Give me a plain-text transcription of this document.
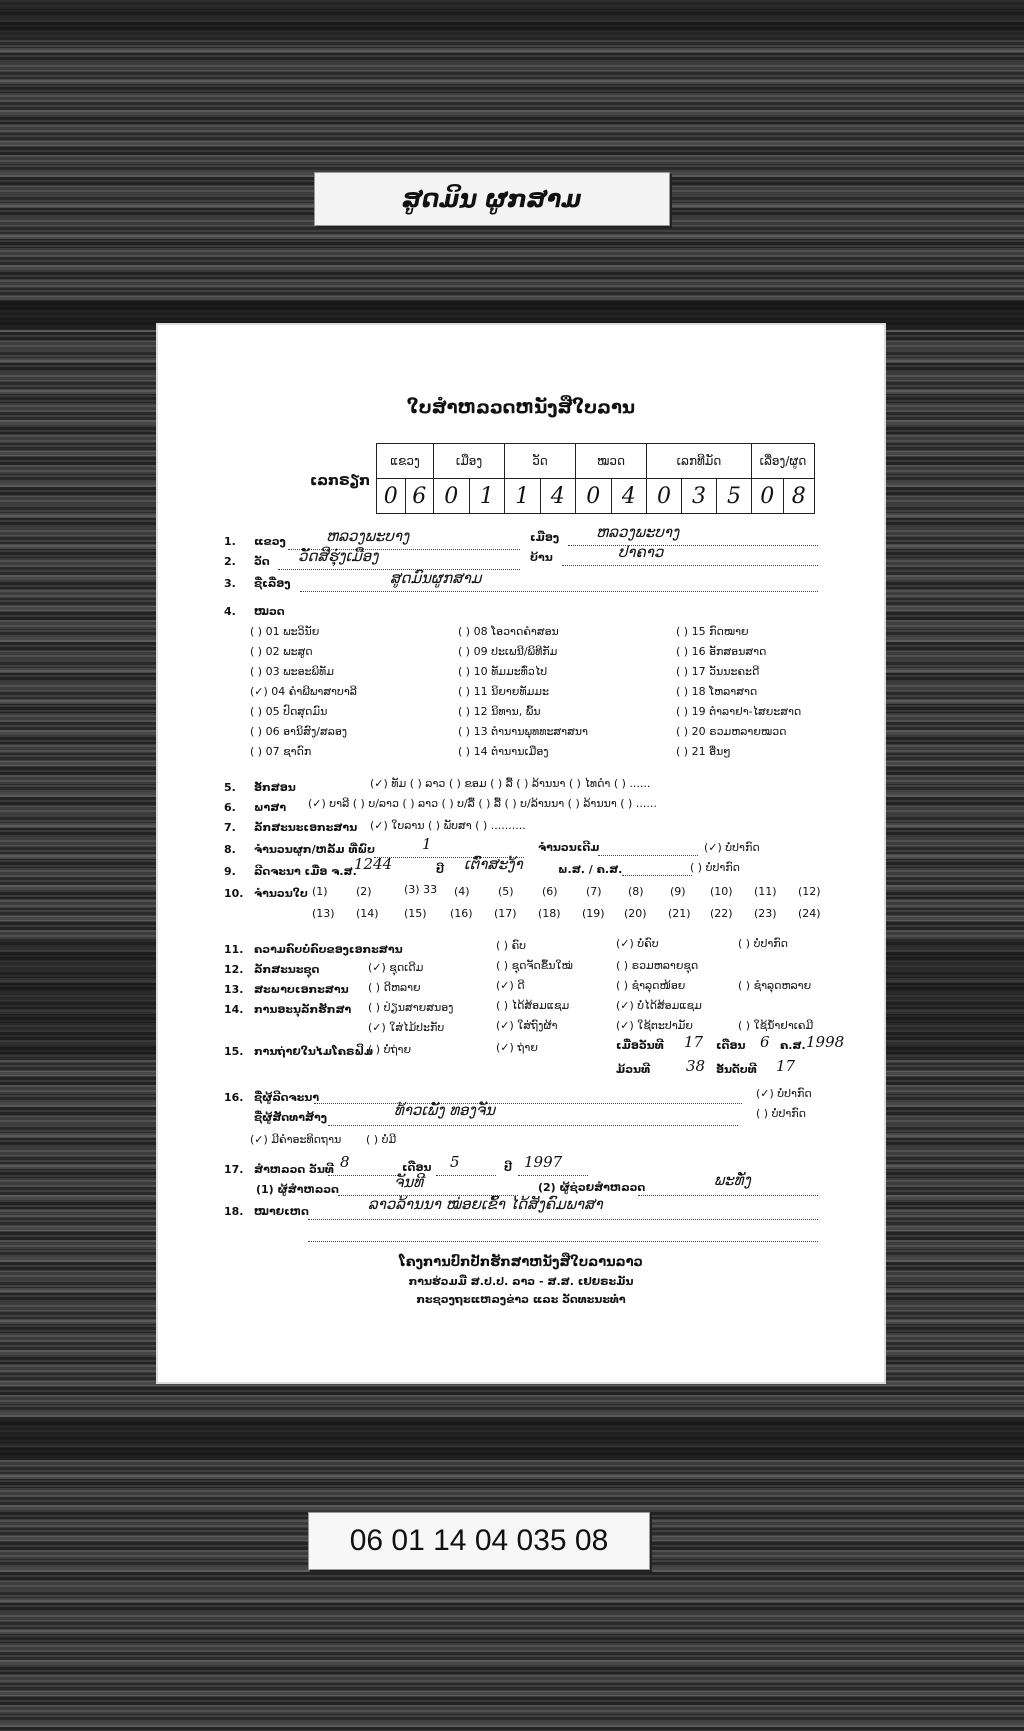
ສູດມິນ ຜູກສາມ
ໃບສຳຫລວດຫນັງສືໃບລານ
ເລກຣຽກ
ແຂວງ		ເມືອງ		ວັດ		ໝວດ		ເລກທີມັດ			ເລື່ອງ/ຜູດ	
0	6	0	1	1	4	0	4	0	3	5	0	8
1. ແຂວງ	ຫລວງພະບາງ	ເມືອງ ຫລວງພະບາງ
2. ວັດ ວັດສີຮຸ່ງເມືອງ	ບ້ານ	ປາຄາວ
3. ຊື່ເລື່ອງ	ສູດມົນຜູກສາມ
4. ໝວດ
( ) 01 ພະວິນັຍ
( ) 02 ພະສູດ
( ) 03 ພະອະພິທັມ
(✓) 04 ຄຳພີພາສາບາລີ
( ) 05 ປົດສຸດມົນ
( ) 06 ອານິສົງ/ສລອງ
( ) 07 ຊາດົກ
( ) 08 ໂອວາດຄຳສອນ
( ) 09 ປະເພນີ/ພິທີກັມ
( ) 10 ທັມມະທົ່ວໄປ
( ) 11 ນິຍາຍທັມມະ
( ) 12 ນິທານ, ພົ້ນ
( ) 13 ຕຳນານພຸທທະສາສນາ
( ) 14 ຕຳນານເມືອງ
( ) 15 ກົດໝາຍ
( ) 16 ອັກສອນສາດ
( ) 17 ວັນນະຄະດີ
( ) 18 ໂຫລາສາດ
( ) 19 ຕຳລາຢາ-ໄສຍະສາດ
( ) 20 ຣວມຫລາຍໝວດ
( ) 21 ອື່ນໆ
5. ອັກສອນ	(✓) ທັມ ( ) ລາວ ( ) ຂອມ ( ) ລື້ ( ) ລ້ານນາ ( ) ໄທດຳ ( ) ......
6. ພາສາ (✓) ບາລີ ( ) ບ/ລາວ ( ) ລາວ ( ) ບ/ລື້ ( ) ລື້ ( ) ບ/ລ້ານນາ ( ) ລ້ານນາ ( ) ......
7. ລັກສະນະເອກະສານ (✓) ໃບລານ ( ) ພັບສາ ( ) ..........
8. ຈຳນວນຜູກ/ຫລັ້ມ ທີ່ພົບ	1	ຈຳນວນເດີມ	(✓) ບໍ່ປາກົດ
9. ລີດຈະນາ ເມື່ອ ຈ.ສ.
1244	ປີ ເຕົ່າສະງ້າ	ພ.ສ. / ຄ.ສ.	( ) ບໍ່ປາກົດ
10. ຈຳນວນໃບ (1)	(2)	(3) 33 (4)	(5)	(6)	(7) (8) (9) (10) (11) (12)
(13) (14) (15) (16) (17) (18) (19) (20) (21) (22) (23) (24)
11. ຄວາມຄົບບໍ່ຄົບຂອງເອກະສານ	( ) ຄົບ	(✓) ບໍ່ຄົບ	( ) ບໍ່ປາກົດ
12. ລັກສະນະຊຸດ	(✓) ຊຸດເດີມ	( ) ຊຸດຈັດຂຶ້ນໃໝ່	( ) ຣວມຫລາຍຊຸດ
13. ສະພາບເອກະສານ ( ) ດີຫລາຍ	(✓) ດີ	( ) ຊຳລຸດໜ້ອຍ	( ) ຊຳລຸດຫລາຍ
14. ການອະນຸລັກຮັກສາ ( ) ປ່ຽນສາຍສນອງ	( ) ໄດ້ສ້ອມແຊມ	(✓) ບໍ່ໄດ້ສ້ອມແຊມ
(✓) ໃສ່ໄມ້ປະກັບ	(✓) ໃສ່ຖົງຜ້າ	(✓) ໃຊ້ຕະປາມັຍ	( ) ໃຊ້ນ້ຳຢາເຄມີ
15. ການຖ່າຍໃນໄມໂຄຣຟິມ
( ) ບໍ່ຖ່າຍ	(✓) ຖ່າຍ	ເມື່ອວັນທີ 17 ເດືອນ 6 ຄ.ສ. 1998
ມ້ວນທີ 38 ອັນດັບທີ 17
16. ຊື່ຜູ້ລີດຈະນາ	(✓) ບໍ່ປາກົດ
ຊື່ຜູ້ສັດທາສ້າງ	ທ້າວເພັງ ທອງຈັນ	( ) ບໍ່ປາກົດ
(✓) ມີຄຳອະທິດຖານ ( ) ບໍ່ມີ
17. ສຳຫລວດ ວັນທີ 8	ເດືອນ 5	ປີ 1997
(1) ຜູ້ສຳຫລວດ	ຈັນທີ	(2) ຜູ້ຊ່ວຍສຳຫລວດ	ພະທັ່ງ
18. ໝາຍເຫດ	ລາວລ້ານນາ ໝ່ອຍເຂົ້າ ໄດ້ສັງຄົມພາສາ
ໂຄງການປົກປັກຮັກສາຫນັງສືໃບລານລາວ
ການຮ່ວມມື ສ.ປ.ປ. ລາວ - ສ.ສ. ເຢຍຣະມັນ
ກະຊວງຖະແຫລງຂ່າວ ແລະ ວັດທະນະທຳ
06 01 14 04 035 08
